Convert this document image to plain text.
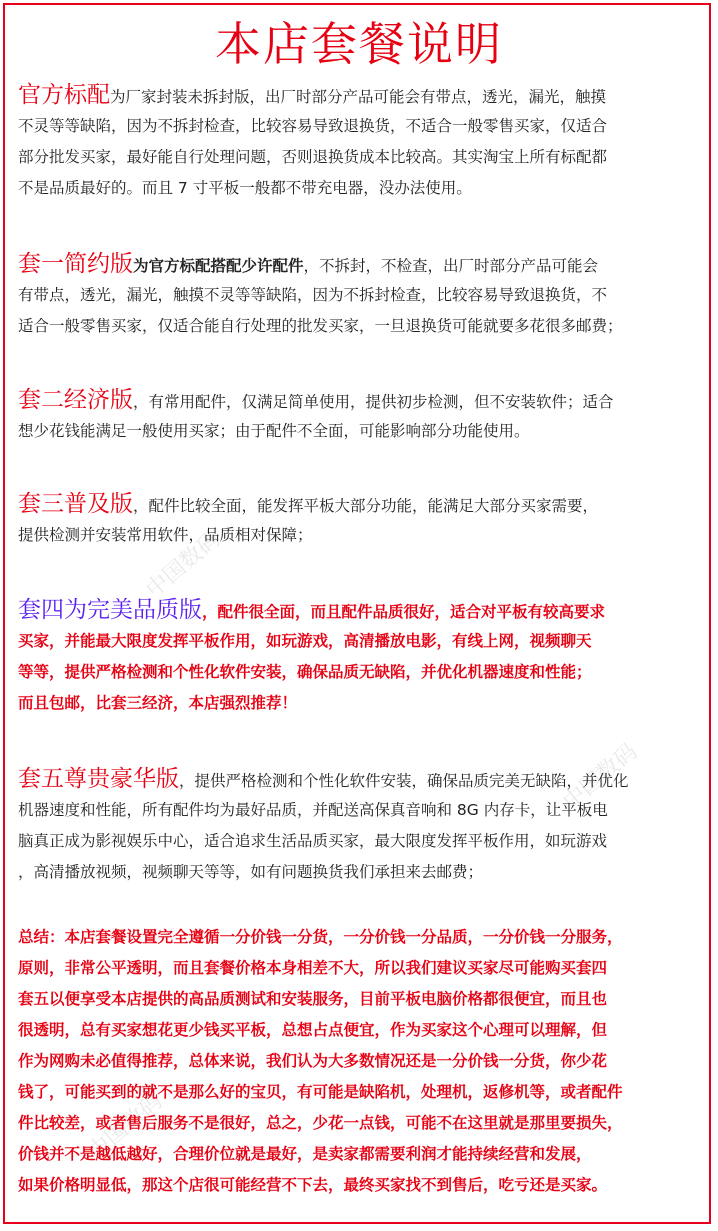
中国数码
中国数码
中国数码
本店套餐说明
官方标配为厂家封装未拆封版，出厂时部分产品可能会有带点，透光，漏光，触摸
不灵等等缺陷，因为不拆封检查，比较容易导致退换货，不适合一般零售买家，仅适合
部分批发买家，最好能自行处理问题，否则退换货成本比较高。其实淘宝上所有标配都
不是品质最好的。而且 7 寸平板一般都不带充电器，没办法使用。
套一简约版为官方标配搭配少许配件，不拆封，不检查，出厂时部分产品可能会
有带点，透光，漏光，触摸不灵等等缺陷，因为不拆封检查，比较容易导致退换货，不
适合一般零售买家，仅适合能自行处理的批发买家，一旦退换货可能就要多花很多邮费；
套二经济版，有常用配件，仅满足简单使用，提供初步检测，但不安装软件；适合
想少花钱能满足一般使用买家；由于配件不全面，可能影响部分功能使用。
套三普及版，配件比较全面，能发挥平板大部分功能，能满足大部分买家需要，
提供检测并安装常用软件，品质相对保障；
套四为完美品质版，配件很全面，而且配件品质很好，适合对平板有较高要求
买家，并能最大限度发挥平板作用，如玩游戏，高清播放电影，有线上网，视频聊天
等等，提供严格检测和个性化软件安装，确保品质无缺陷，并优化机器速度和性能；
而且包邮，比套三经济，本店强烈推荐！
套五尊贵豪华版，提供严格检测和个性化软件安装，确保品质完美无缺陷，并优化
机器速度和性能，所有配件均为最好品质，并配送高保真音响和 8G 内存卡，让平板电
脑真正成为影视娱乐中心，适合追求生活品质买家，最大限度发挥平板作用，如玩游戏
，高清播放视频，视频聊天等等，如有问题换货我们承担来去邮费；
总结：本店套餐设置完全遵循一分价钱一分货，一分价钱一分品质，一分价钱一分服务，
原则，非常公平透明，而且套餐价格本身相差不大，所以我们建议买家尽可能购买套四
套五以便享受本店提供的高品质测试和安装服务，目前平板电脑价格都很便宜，而且也
很透明，总有买家想花更少钱买平板，总想占点便宜，作为买家这个心理可以理解，但
作为网购未必值得推荐，总体来说，我们认为大多数情况还是一分价钱一分货，你少花
钱了，可能买到的就不是那么好的宝贝，有可能是缺陷机，处理机，返修机等，或者配件
件比较差，或者售后服务不是很好，总之，少花一点钱，可能不在这里就是那里要损失，
价钱并不是越低越好，合理价位就是最好，是卖家都需要利润才能持续经营和发展，
如果价格明显低，那这个店很可能经营不下去，最终买家找不到售后，吃亏还是买家。
